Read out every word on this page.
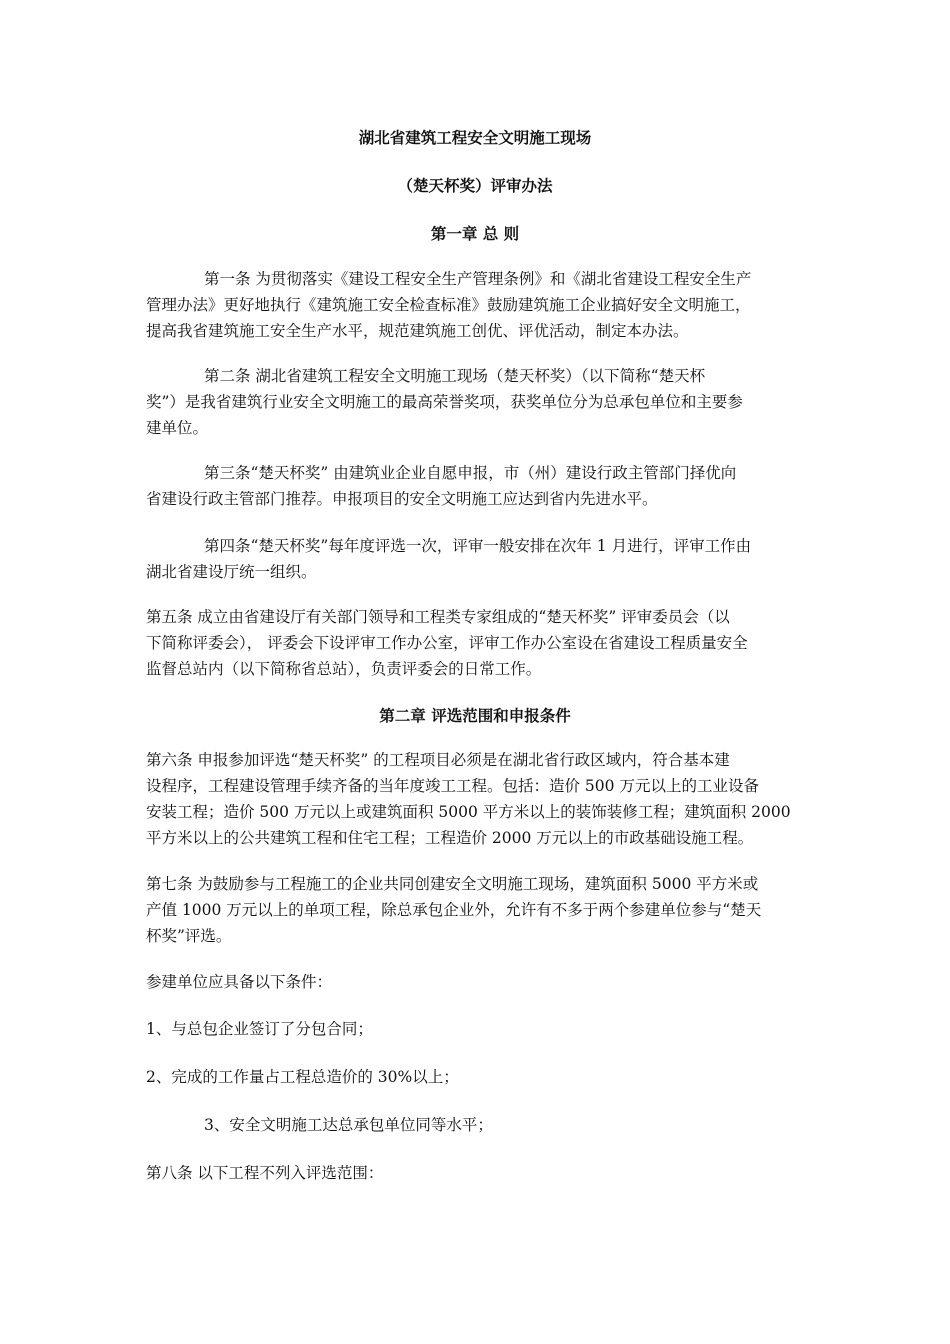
湖北省建筑工程安全文明施工现场
（楚天杯奖）评审办法
第一章 总 则
第一条 为贯彻落实《建设工程安全生产管理条例》和《湖北省建设工程安全生产
管理办法》更好地执行《建筑施工安全检查标准》鼓励建筑施工企业搞好安全文明施工，
提高我省建筑施工安全生产水平，规范建筑施工创优、评优活动，制定本办法。
第二条 湖北省建筑工程安全文明施工现场（楚天杯奖）（以下简称“楚天杯
奖”）是我省建筑行业安全文明施工的最高荣誉奖项，获奖单位分为总承包单位和主要参
建单位。
第三条“楚天杯奖” 由建筑业企业自愿申报，市（州）建设行政主管部门择优向
省建设行政主管部门推荐。申报项目的安全文明施工应达到省内先进水平。
第四条“楚天杯奖”每年度评选一次，评审一般安排在次年 1 月进行，评审工作由
湖北省建设厅统一组织。
第五条 成立由省建设厅有关部门领导和工程类专家组成的“楚天杯奖” 评审委员会（以
下简称评委会）， 评委会下设评审工作办公室，评审工作办公室设在省建设工程质量安全
监督总站内（以下简称省总站），负责评委会的日常工作。
第二章 评选范围和申报条件
第六条 申报参加评选“楚天杯奖” 的工程项目必须是在湖北省行政区域内，符合基本建
设程序，工程建设管理手续齐备的当年度竣工工程。包括：造价 500 万元以上的工业设备
安装工程；造价 500 万元以上或建筑面积 5000 平方米以上的装饰装修工程；建筑面积 2000
平方米以上的公共建筑工程和住宅工程；工程造价 2000 万元以上的市政基础设施工程。
第七条 为鼓励参与工程施工的企业共同创建安全文明施工现场，建筑面积 5000 平方米或
产值 1000 万元以上的单项工程，除总承包企业外，允许有不多于两个参建单位参与“楚天
杯奖”评选。
参建单位应具备以下条件：
1、与总包企业签订了分包合同；
2、完成的工作量占工程总造价的 30%以上；
3、安全文明施工达总承包单位同等水平；
第八条 以下工程不列入评选范围：
